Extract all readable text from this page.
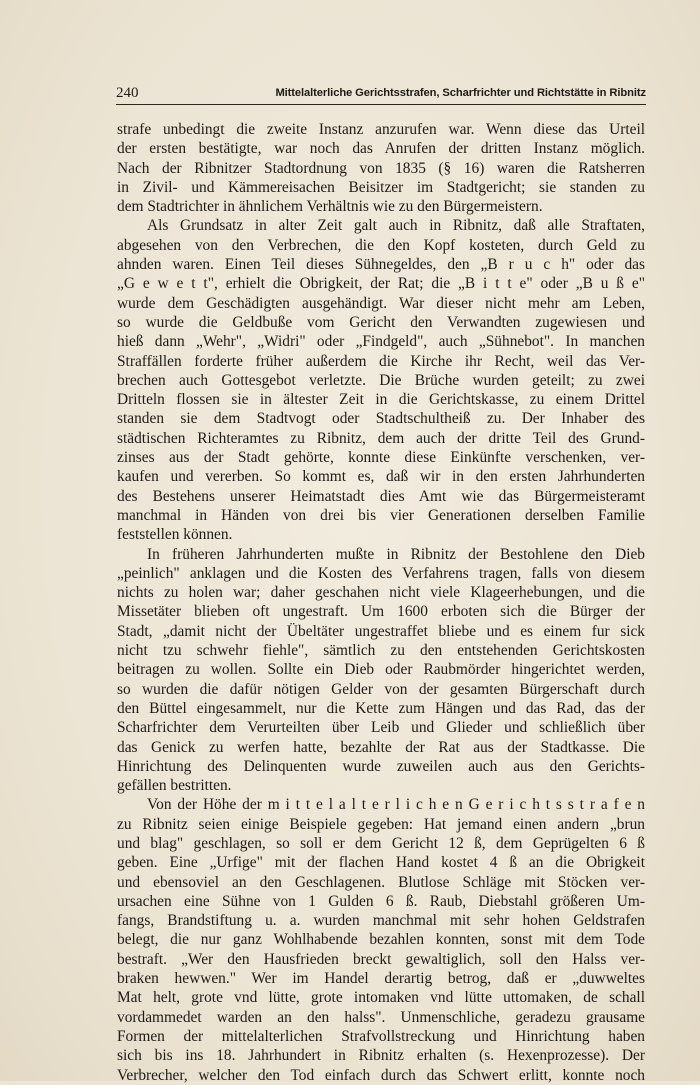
240	Mittelalterliche Gerichtsstrafen, Scharfrichter und Richtstätte in Ribnitz
strafe unbedingt die zweite Instanz anzurufen war. Wenn diese das Urteil
der ersten bestätigte, war noch das Anrufen der dritten Instanz möglich.
Nach der Ribnitzer Stadtordnung von 1835 (§ 16) waren die Ratsherren
in Zivil- und Kämmereisachen Beisitzer im Stadtgericht; sie standen zu
dem Stadtrichter in ähnlichem Verhältnis wie zu den Bürgermeistern.
Als Grundsatz in alter Zeit galt auch in Ribnitz, daß alle Straftaten,
abgesehen von den Verbrechen, die den Kopf kosteten, durch Geld zu
ahnden waren. Einen Teil dieses Sühnegeldes, den „B r u c h" oder das
„G e w e t t", erhielt die Obrigkeit, der Rat; die „B i t t e" oder „B u ß e"
wurde dem Geschädigten ausgehändigt. War dieser nicht mehr am Leben,
so wurde die Geldbuße vom Gericht den Verwandten zugewiesen und
hieß dann „Wehr", „Widri" oder „Findgeld", auch „Sühnebot". In manchen
Straffällen forderte früher außerdem die Kirche ihr Recht, weil das Ver-
brechen auch Gottesgebot verletzte. Die Brüche wurden geteilt; zu zwei
Dritteln flossen sie in ältester Zeit in die Gerichtskasse, zu einem Drittel
standen sie dem Stadtvogt oder Stadtschultheiß zu. Der Inhaber des
städtischen Richteramtes zu Ribnitz, dem auch der dritte Teil des Grund-
zinses aus der Stadt gehörte, konnte diese Einkünfte verschenken, ver-
kaufen und vererben. So kommt es, daß wir in den ersten Jahrhunderten
des Bestehens unserer Heimatstadt dies Amt wie das Bürgermeisteramt
manchmal in Händen von drei bis vier Generationen derselben Familie
feststellen können.
In früheren Jahrhunderten mußte in Ribnitz der Bestohlene den Dieb
„peinlich" anklagen und die Kosten des Verfahrens tragen, falls von diesem
nichts zu holen war; daher geschahen nicht viele Klageerhebungen, und die
Missetäter blieben oft ungestraft. Um 1600 erboten sich die Bürger der
Stadt, „damit nicht der Übeltäter ungestraffet bliebe und es einem fur sick
nicht tzu schwehr fiehle", sämtlich zu den entstehenden Gerichtskosten
beitragen zu wollen. Sollte ein Dieb oder Raubmörder hingerichtet werden,
so wurden die dafür nötigen Gelder von der gesamten Bürgerschaft durch
den Büttel eingesammelt, nur die Kette zum Hängen und das Rad, das der
Scharfrichter dem Verurteilten über Leib und Glieder und schließlich über
das Genick zu werfen hatte, bezahlte der Rat aus der Stadtkasse. Die
Hinrichtung des Delinquenten wurde zuweilen auch aus den Gerichts-
gefällen bestritten.
Von der Höhe der m i t t e l a l t e r l i c h e n G e r i c h t s s t r a f e n
zu Ribnitz seien einige Beispiele gegeben: Hat jemand einen andern „brun
und blag" geschlagen, so soll er dem Gericht 12 ß, dem Geprügelten 6 ß
geben. Eine „Urfige" mit der flachen Hand kostet 4 ß an die Obrigkeit
und ebensoviel an den Geschlagenen. Blutlose Schläge mit Stöcken ver-
ursachen eine Sühne von 1 Gulden 6 ß. Raub, Diebstahl größeren Um-
fangs, Brandstiftung u. a. wurden manchmal mit sehr hohen Geldstrafen
belegt, die nur ganz Wohlhabende bezahlen konnten, sonst mit dem Tode
bestraft. „Wer den Hausfrieden breckt gewaltiglich, soll den Halss ver-
braken hewwen." Wer im Handel derartig betrog, daß er „duwweltes
Mat helt, grote vnd lütte, grote intomaken vnd lütte uttomaken, de schall
vordammedet warden an den halss". Unmenschliche, geradezu grausame
Formen der mittelalterlichen Strafvollstreckung und Hinrichtung haben
sich bis ins 18. Jahrhundert in Ribnitz erhalten (s. Hexenprozesse). Der
Verbrecher, welcher den Tod einfach durch das Schwert erlitt, konnte noch
